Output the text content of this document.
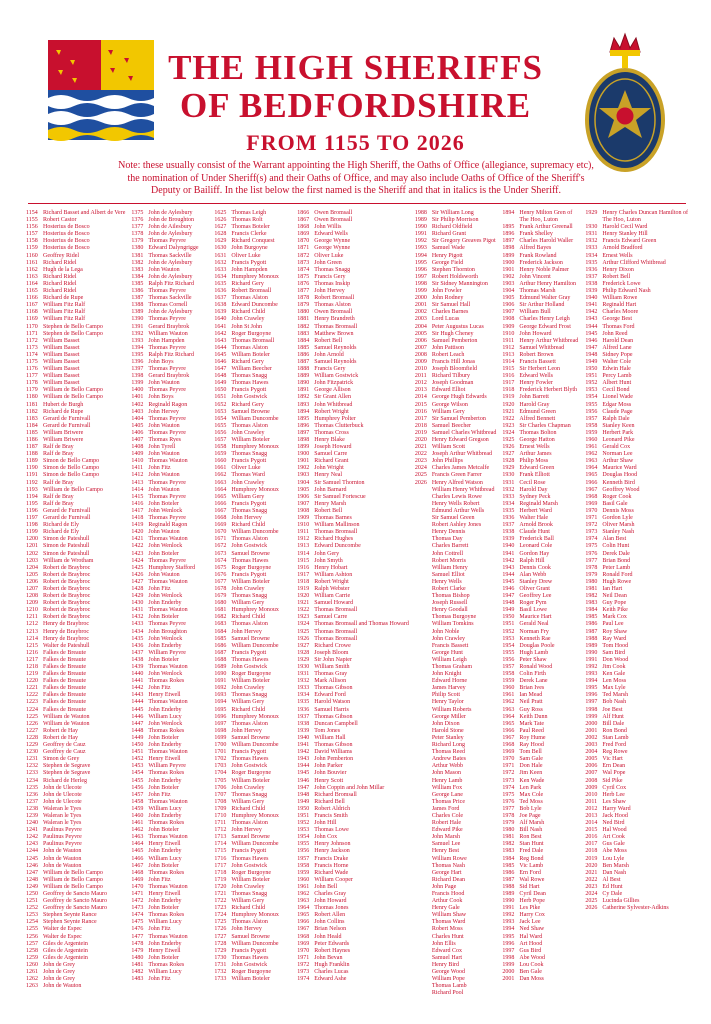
THE HIGH SHERIFFS
OF BEDFORDSHIRE
FROM 1155 TO 2026
Note: these usually consist of the Warrant appointing the High Sheriff, the Oaths of Office (allegiance, supremacy etc), the nomination of Under Sheriff(s) and their Oaths of Office, and may also include Oaths of Office of the Sheriff's Deputy or Bailiff. In the list below the first named is the Sheriff and that in italics is the Under Sheriff.
1154 Richard Basset and Albert de Vere
1155 Robert Castor
1156 Hosterius de Bosco
1157 Hosterius de Bosco
1158 Hosterius de Bosco
1159 Hosterius de Bosco
1160 Geoffrey Ridel
1161 Richard Ridel
1162 Hugh de la Lega
1163 Richard Ridel
1164 Richard Ridel
1165 Richard Ridel
1166 Richard de Rupe
1167 William Fitz Ralf
1168 William Fitz Ralf
1169 William Fitz Ralf
1170 Stephen de Bello Campo
1171 Stephen de Bello Campo
1172 William Basset
1173 William Basset
1174 William Basset
1175 William Basset
1176 William Basset
1177 William Basset
1178 William Basset
1179 William de Bello Campo
1180 William de Bello Campo
1181 Hubert de Burgh
1182 Richard de Rupe
1183 Gerard de Furnivall
1184 Gerard de Furnivall
1185 William Briwere
1186 William Briwere
1187 Ralf de Bray
1188 Ralf de Bray
1189 Simon de Bello Campo
1190 Simon de Bello Campo
1191 Simon de Bello Campo
1192 Ralf de Bray
1193 William de Bello Campo
1194 Ralf de Bray
1195 Ralf de Bray
1196 Gerard de Furnivall
1197 Gerard de Furnivall
1198 Richard de Ely
1199 Richard de Ely
1200 Simon de Pateshull
1201 Simon de Pateshull
1202 Simon de Pateshull
1203 William de Wrotham
1204 Robert de Braybroc
1205 Robert de Braybroc
1206 Robert de Braybroc
1207 Robert de Braybroc
1208 Robert de Braybroc
1209 Robert de Braybroc
1210 Robert de Braybroc
1211 Robert de Braybroc
1212 Henry de Braybroc
1213 Henry de Braybroc
1214 Henry de Braybroc
1215 Walter de Pateshull
1216 Falkes de Breaute
1217 Falkes de Breaute
1218 Falkes de Breaute
1219 Falkes de Breaute
1220 Falkes de Breaute
1221 Falkes de Breaute
1222 Falkes de Breaute
1223 Falkes de Breaute
1224 Falkes de Breaute
1225 William de Wauton
1226 William de Wauton
1227 Robert de Hay
1228 Robert de Hay
1229 Geoffrey de Cauz
1230 Geoffrey de Cauz
1231 Simon de Grey
1232 Stephen de Segrave
1233 Stephen de Segrave
1234 Richard de Herleg
1235 John de Ulecote
1236 John de Ulecote
1237 John de Ulecote
1238 Waleran le Tyes
1239 Waleran le Tyes
1240 Waleran le Tyes
1241 Paulinus Peyvre
1242 Paulinus Peyvre
1243 Paulinus Peyvre
1244 John de Wauton
1245 John de Wauton
1246 John de Wauton
1247 William de Bello Campo
1248 William de Bello Campo
1249 William de Bello Campo
1250 Geoffrey de Sancto Mauro
1251 Geoffrey de Sancto Mauro
1252 Geoffrey de Sancto Mauro
1253 Stephen Seynte Rance
1254 Stephen Seynte Rance
1255 Walter de Espec
1256 Walter de Espec
1257 Giles de Argentein
1258 Giles de Argentein
1259 Giles de Argentein
1260 John de Grey
1261 John de Grey
1262 John de Grey
1263 John de Wauton
1375 John de Aylesbury
1376 John de Broughton
1377 John de Ailesbury
1378 John de Aylesbury
1379 Thomas Peyvre
1380 Edward Dalyngrigge
1381 Thomas Sackville
1382 John de Aylesbury
1383 John Wauton
1384 John de Aylesbury
1385 Ralph Fitz Richard
1386 Thomas Peyvre
1387 Thomas Sackville
1388 Thomas Cornell
1389 John de Aylesbury
1390 Thomas Peyvre
1391 Gerard Braybrok
1392 William Wauton
1393 John Hampden
1394 Thomas Peyvre
1395 Ralph Fitz Richard
1396 John Boys
1397 Thomas Peyvre
1398 Gerard Braybrok
1399 John Wauton
1400 Thomas Peyvre
1401 John Boys
1402 Reginald Ragon
1403 John Hervey
1404 Thomas Peyvre
1405 John Wauton
1406 Thomas Peyvre
1407 Thomas Ryes
1408 John Tyrell
1409 John Wauton
1410 Thomas Wauton
1411 John Fitz
1412 John Wauton
1413 Thomas Peyvre
1414 John Wauton
1415 Thomas Peyvre
1416 John Boteler
1417 John Wenlock
1418 Thomas Peyvre
1419 Reginald Ragon
1420 John Wauton
1421 Thomas Wauton
1422 John Wenlock
1423 John Boteler
1424 Thomas Peyvre
1425 Humphrey Stafford
1426 John Wauton
1427 Thomas Wauton
1428 John Fitz
1429 John Wenlock
1430 John Enderby
1431 Thomas Wauton
1432 John Boteler
1433 Thomas Peyvre
1434 John Broughton
1435 John Wenlock
1436 John Enderby
1437 William Peyvre
1438 John Boteler
1439 Thomas Wauton
1440 John Wenlock
1441 Thomas Rokes
1442 John Fitz
1443 Henry Etwell
1444 Thomas Wauton
1445 John Enderby
1446 William Lucy
1447 John Wenlock
1448 Thomas Rokes
1449 John Boteler
1450 John Enderby
1451 Thomas Wauton
1452 Henry Etwell
1453 William Peyvre
1454 Thomas Rokes
1455 John Enderby
1456 John Boteler
1457 John Fitz
1458 Thomas Wauton
1459 William Lucy
1460 John Enderby
1461 Thomas Rokes
1462 John Boteler
1463 Thomas Wauton
1464 Henry Etwell
1465 John Enderby
1466 William Lucy
1467 John Boteler
1468 Thomas Rokes
1469 John Fitz
1470 Thomas Wauton
1471 Henry Etwell
1472 John Enderby
1473 John Boteler
1474 Thomas Rokes
1475 William Lucy
1476 John Fitz
1477 Thomas Wauton
1478 John Enderby
1479 Henry Etwell
1480 John Boteler
1481 Thomas Rokes
1482 William Lucy
1483 John Fitz
1625 Thomas Leigh
1626 Thomas Rolt
1627 Thomas Boteler
1628 Francis Clerke
1629 Richard Conquest
1630 John Burgoyne
1631 Oliver Luke
1632 Francis Pygott
1633 John Hampden
1634 Humphrey Monoux
1635 Richard Gery
1636 Robert Bromsall
1637 Thomas Alston
1638 Edward Duncombe
1639 Richard Child
1640 John Crawley
1641 John St John
1642 Roger Burgoyne
1643 Thomas Bromsall
1644 Thomas Alston
1645 William Boteler
1646 Richard Gery
1647 William Beecher
1648 Thomas Snagg
1649 Thomas Hawes
1650 Francis Pygott
1651 John Gostwick
1652 Richard Gery
1653 Samuel Browne
1654 William Duncombe
1655 Thomas Alston
1656 John Crawley
1657 William Boteler
1658 Humphrey Monoux
1659 Thomas Snagg
1660 Francis Pygott
1661 Oliver Luke
1662 Thomas Ward
1663 John Crawley
1664 Humphrey Monoux
1665 William Gery
1666 Francis Pygott
1667 Thomas Snagg
1668 John Hervey
1669 Richard Child
1670 William Duncombe
1671 Thomas Alston
1672 John Gostwick
1673 Samuel Browne
1674 Thomas Hawes
1675 Roger Burgoyne
1676 Francis Pygott
1677 William Boteler
1678 John Crawley
1679 Thomas Snagg
1680 William Gery
1681 Humphrey Monoux
1682 Richard Child
1683 Thomas Alston
1684 John Hervey
1685 Samuel Browne
1686 William Duncombe
1687 Francis Pygott
1688 Thomas Hawes
1689 John Gostwick
1690 Roger Burgoyne
1691 William Boteler
1692 John Crawley
1693 Thomas Snagg
1694 William Gery
1695 Richard Child
1696 Humphrey Monoux
1697 Thomas Alston
1698 John Hervey
1699 Samuel Browne
1700 William Duncombe
1701 Francis Pygott
1702 Thomas Hawes
1703 John Gostwick
1704 Roger Burgoyne
1705 William Boteler
1706 John Crawley
1707 Thomas Snagg
1708 William Gery
1709 Richard Child
1710 Humphrey Monoux
1711 Thomas Alston
1712 John Hervey
1713 Samuel Browne
1714 William Duncombe
1715 Francis Pygott
1716 Thomas Hawes
1717 John Gostwick
1718 Roger Burgoyne
1719 William Boteler
1720 John Crawley
1721 Thomas Snagg
1722 William Gery
1723 Richard Child
1724 Humphrey Monoux
1725 Thomas Alston
1726 John Hervey
1727 Samuel Browne
1728 William Duncombe
1729 Francis Pygott
1730 Thomas Hawes
1731 John Gostwick
1732 Roger Burgoyne
1733 William Boteler
1866 Owen Bromsall
1867 Owen Bromsall
1868 John Willis
1869 Edward Wells
1870 George Wynne
1871 George Wynne
1872 Oliver Luke
1873 John Green
1874 Thomas Snagg
1875 Francis Gery
1876 Thomas Inskip
1877 John Hervey
1878 Robert Bromsall
1879 Thomas Alston
1880 Owen Bromsall
1881 Henry Brandreth
1882 Thomas Bromsall
1883 Matthew Brown
1884 Robert Bell
1885 Samuel Reynolds
1886 John Arnold
1887 Samuel Reynolds
1888 Francis Gery
1889 William Gostwick
1890 John Fitzpatrick
1891 George Allison
1892 Sir Grant Allen
1893 John Whitbread
1894 Robert Wright
1895 Humphrey Polter
1896 Thomas Clutterbuck
1897 Thomas Cross
1898 Henry Blake
1899 Joseph Howard
1900 Samuel Carre
1901 Richard Grant
1902 John Wright
1903 Henry Neal
1904 Sir Samuel Thornton
1905 John Barnard
1906 Sir Samuel Fortescue
1907 Henry Marsh
1908 Robert Bell
1909 Thomas Barnes
1910 William Mallinson
1911 Thomas Bromsall
1912 Richard Hughes
1913 Edward Duncombe
1914 John Gery
1915 John Smyth
1916 Henry Hobart
1917 William Ashton
1918 Robert Wright
1919 Ralph Webster
1920 William Carrie
1921 Samuel Howard
1922 Thomas Bromsall
1923 Samuel Carre
1924 Thomas Bromsall and Thomas Howard
1925 Thomas Bromsall
1926 Thomas Bromsall
1927 Richard Crowe
1928 Joseph Bloom
1929 Sir John Napier
1930 William Smith
1931 Thomas Gray
1932 Mark Allison
1933 Thomas Gibson
1934 Edward Ford
1935 Harold Watson
1936 Samuel Harris
1937 Thomas Gibson
1938 Duncan Campbell
1939 Tom Jones
1940 William Hall
1941 Thomas Gibson
1942 David Williams
1943 John Pemberton
1944 John Parker
1945 John Bouvier
1946 Henry Scott
1947 John Coppin and John Millar
1948 Richard Bromsall
1949 Richard Bell
1950 Robert Aldrich
1951 Francis Smith
1952 John Hill
1953 Thomas Lowe
1954 John Cox
1955 Henry Johnson
1956 Henry Jackson
1957 Francis Drake
1958 Francis Horne
1959 Richard Wade
1960 William Cooper
1961 John Bell
1962 Charles Gray
1963 John Howard
1964 Thomas Jones
1965 Robert Allen
1966 John Collins
1967 Brian Nelson
1968 John Heald
1969 Peter Edwards
1970 Robert Haynes
1971 John Bevan
1972 Hugh Franklin
1973 Charles Lucas
1974 Edward Ashe
1988 Sir William Long
1989 Sir Philip Morrison
1990 Richard Oldfield
1991 Richard Grant
1992 Sir Gregory Greaves Pigot
1993 Samuel Wade
1994 Henry Pigott
1995 George Field
1996 Stephen Thornton
1997 Robert Holdsworth
1998 Sir Sidney Mannington
1999 John Fowler
2000 John Rodney
2001 Sir Samuel Hall
2002 Charles Barnes
2003 Lord Lucas
2004 Peter Augustus Lucas
2005 Sir Hugh Cheney
2006 Samuel Pemberton
2007 John Pattison
2008 Robert Leach
2009 Francis Hill Jonas
2010 Joseph Bloomfield
2011 Richard Tilbury
2012 Joseph Goodman
2013 Edward Elliot
2014 George Hugh Edwards
2015 George Wilson
2016 William Gery
2017 Sir Samuel Pemberton
2018 Samuel Beecher
2019 Samuel Charles Whitbread
2020 Henry Edward Gregson
2021 William Scott
2022 Joseph Arthur Whitbread
2023 John Phillips
2024 Charles James Metcalfe
2025 Francis Green Farrer
2026 Henry Alfred Watson
William Henry Whitbread
Charles Lewis Rowe
Henry Wells Robert
Edmund Arthur Wells
Sir Samuel Green
Robert Ashley Jones
Henry Dennis
Thomas Day
Charles Barrett
John Cottrell
Robert Morris
William Henry
Samuel Elliot
Henry Wells
Robert Clarke
Thomas Bishop
Joseph Russell
Henry Goodall
Thomas Burgoyne
William Tomkins
John Noble
John Crawley
Francis Bassett
George Hunt
William Leigh
Thomas Graham
John Knight
Edward Horne
James Harvey
Philip Scott
Henry Taylor
William Roberts
George Miller
John Dixon
Harold Stone
Peter Stanley
Richard Long
Thomas Reed
Andrew Bates
Arthur Webb
John Mason
Henry Lamb
William Fox
George Lane
Thomas Price
James Ford
Charles Cole
Robert Hale
Edward Pike
John Marsh
Samuel Lee
Henry Best
William Rowe
Thomas Nash
George Hart
Richard Dean
John Page
Francis Hood
Arthur Cook
Henry Gale
William Shaw
Thomas Ward
Robert Moss
Charles Hunt
John Ellis
Edward Cox
Samuel Hart
Henry Bird
George Wood
William Pope
Thomas Lamb
Richard Pool
1894 Henry Milton Gren of
The Hoo, Luton
1895 Frank Arthur Greenall
1896 Frank Shelley
1897 Charles Harold Waller
1898 Alfred Bayes
1899 Frank Rowland
1900 Frederick Jackson
1901 Henry Noble Palmer
1902 John Vincent
1903 Arthur Henry Hamilton
1904 Thomas Marsh
1905 Edmund Walter Gray
1906 Sir Arthur Holland
1907 William Bull
1908 Charles Henry Leigh
1909 George Edward Frost
1910 John Howard
1911 Henry Arthur Whitbread
1912 Samuel Whitbread
1913 Robert Brown
1914 Francis Bassett
1915 Sir Herbert Leon
1916 Edward Wells
1917 Henry Fowler
1918 Frederick Herbert Blyth
1919 John Barrett
1920 Harold Gray
1921 Edmund Green
1922 Alfred Bennett
1923 Sir Charles Chapman
1924 Thomas Bolton
1925 George Hatton
1926 Ernest Wells
1927 Arthur James
1928 Philip Moss
1929 Edward Green
1930 Frank Elliott
1931 Cecil Rose
1932 Harold Day
1933 Sydney Peck
1934 Reginald Marsh
1935 Herbert Ward
1936 Walter Hale
1937 Arnold Brook
1938 Claude Hunt
1939 Frederick Ball
1940 Leonard Cole
1941 Gordon Hay
1942 Ralph Hill
1943 Dennis Cook
1944 Alan Webb
1945 Stanley Drew
1946 Oliver Grant
1947 Geoffrey Lee
1948 Roger Pym
1949 Basil Lowe
1950 Maurice Hart
1951 Gerald Neal
1952 Norman Fry
1953 Kenneth Rae
1954 Douglas Poole
1955 Hugh Lamb
1956 Peter Shaw
1957 Ronald Wood
1958 Colin Firth
1959 Derek Lane
1960 Brian Ives
1961 Ian Mead
1962 Neil Pratt
1963 Guy Ross
1964 Keith Dunn
1965 Mark Tate
1966 Paul Reed
1967 Roy Hume
1968 Ray Hood
1969 Tom Bell
1970 Sam Gale
1971 Don Hale
1972 Jim Keen
1973 Ken Wade
1974 Len Park
1975 Max Cole
1976 Ted Moss
1977 Bob Lyle
1978 Joe Page
1979 Alf Marsh
1980 Bill Nash
1981 Ron Best
1982 Stan Hunt
1983 Fred Dale
1984 Reg Bond
1985 Vic Lamb
1986 Ern Ford
1987 Wal Rowe
1988 Sid Hart
1989 Cyril Dean
1990 Herb Pope
1991 Les Pike
1992 Harry Cox
1993 Jack Lee
1994 Ned Shaw
1995 Hal Ward
1996 Art Hood
1997 Gus Bird
1998 Abe Wood
1999 Lou Cook
2000 Ben Gale
2001 Dan Moss
1929 Henry Charles Duncan Hamilton of
The Hoo, Luton
1930 Harold Cecil Ward
1931 Henry Stanley Hill
1932 Francis Edward Green
1933 Arnold Bradford
1934 Ernest Wells
1935 Arthur Clifford Whitbread
1936 Henry Dixon
1937 Robert Bell
1938 Frederick Lowe
1939 Philip Edward Nash
1940 William Rowe
1941 Reginald Hart
1942 Charles Moore
1943 George Best
1944 Thomas Ford
1945 John Reed
1946 Harold Dean
1947 Alfred Lane
1948 Sidney Pope
1949 Walter Cole
1950 Edwin Hale
1951 Percy Lamb
1952 Albert Hunt
1953 Cecil Bond
1954 Lionel Wade
1955 Edgar Moss
1956 Claude Page
1957 Ralph Dale
1958 Stanley Keen
1959 Herbert Park
1960 Leonard Pike
1961 Gerald Cox
1962 Norman Lee
1963 Arthur Shaw
1964 Maurice Ward
1965 Douglas Hood
1966 Kenneth Bird
1967 Geoffrey Wood
1968 Roger Cook
1969 Basil Gale
1970 Dennis Moss
1971 Gordon Lyle
1972 Oliver Marsh
1973 Stanley Nash
1974 Alan Best
1975 Colin Hunt
1976 Derek Dale
1977 Brian Bond
1978 Peter Lamb
1979 Ronald Ford
1980 Hugh Rowe
1981 Ian Hart
1982 Neil Dean
1983 Guy Pope
1984 Keith Pike
1985 Mark Cox
1986 Paul Lee
1987 Roy Shaw
1988 Ray Ward
1989 Tom Hood
1990 Sam Bird
1991 Don Wood
1992 Jim Cook
1993 Ken Gale
1994 Len Moss
1995 Max Lyle
1996 Ted Marsh
1997 Bob Nash
1998 Joe Best
1999 Alf Hunt
2000 Bill Dale
2001 Ron Bond
2002 Stan Lamb
2003 Fred Ford
2004 Reg Rowe
2005 Vic Hart
2006 Ern Dean
2007 Wal Pope
2008 Sid Pike
2009 Cyril Cox
2010 Herb Lee
2011 Les Shaw
2012 Harry Ward
2013 Jack Hood
2014 Ned Bird
2015 Hal Wood
2016 Art Cook
2017 Gus Gale
2018 Abe Moss
2019 Lou Lyle
2020 Ben Marsh
2021 Dan Nash
2022 Al Best
2023 Ed Hunt
2024 Cy Dale
2025 Lucinda Gillies
2026 Catherine Sylvester-Adkins
